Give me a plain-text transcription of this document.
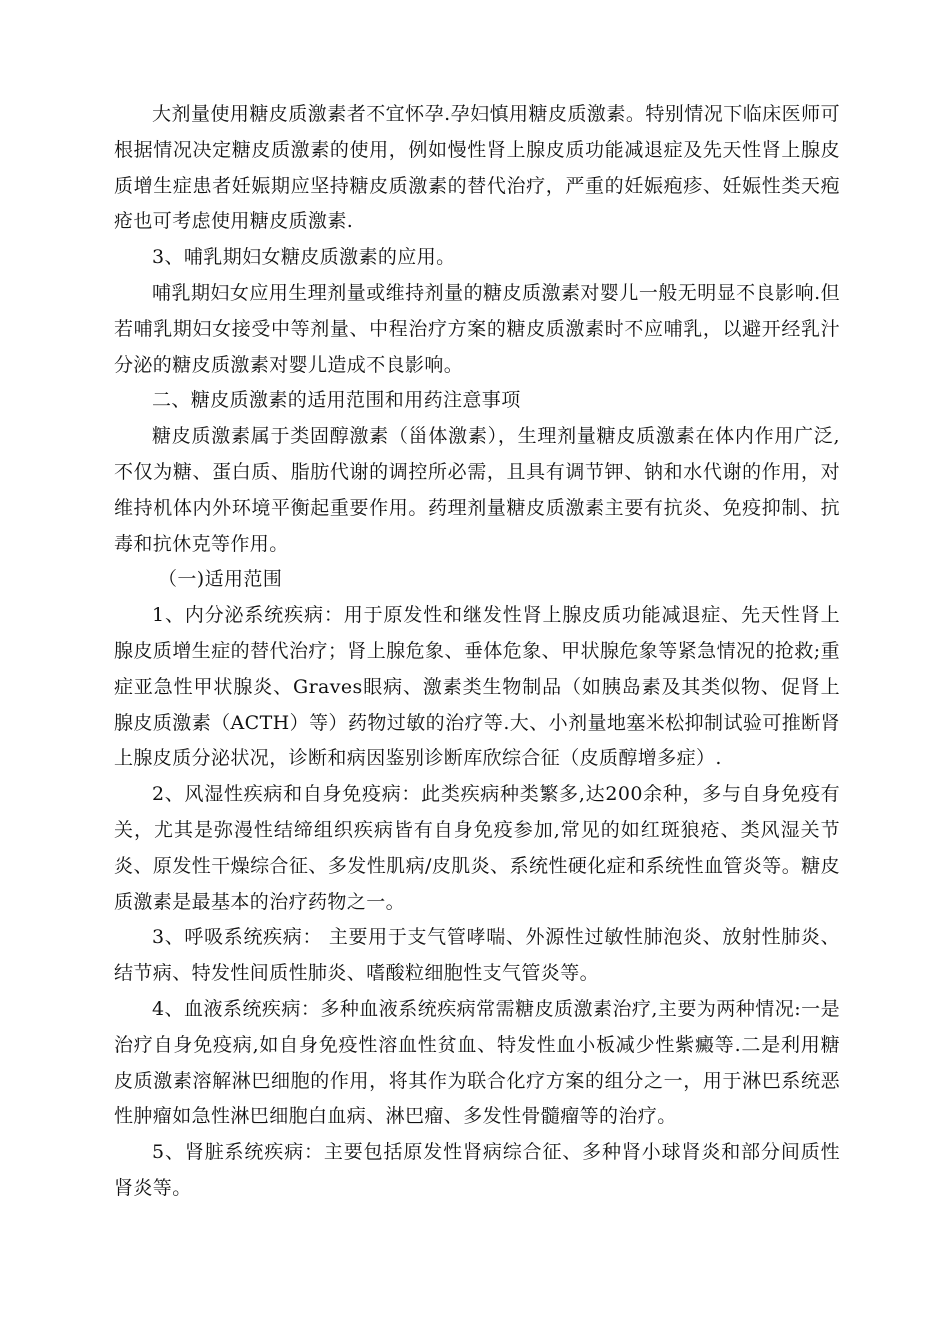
大剂量使用糖皮质激素者不宜怀孕.孕妇慎用糖皮质激素。特别情况下临床医师可根据情况决定糖皮质激素的使用，例如慢性肾上腺皮质功能减退症及先天性肾上腺皮质增生症患者妊娠期应坚持糖皮质激素的替代治疗，严重的妊娠疱疹、妊娠性类天疱疮也可考虑使用糖皮质激素.

3、哺乳期妇女糖皮质激素的应用。

哺乳期妇女应用生理剂量或维持剂量的糖皮质激素对婴儿一般无明显不良影响.但若哺乳期妇女接受中等剂量、中程治疗方案的糖皮质激素时不应哺乳，以避开经乳汁分泌的糖皮质激素对婴儿造成不良影响。

二、糖皮质激素的适用范围和用药注意事项

糖皮质激素属于类固醇激素（甾体激素），生理剂量糖皮质激素在体内作用广泛,不仅为糖、蛋白质、脂肪代谢的调控所必需，且具有调节钾、钠和水代谢的作用，对维持机体内外环境平衡起重要作用。药理剂量糖皮质激素主要有抗炎、免疫抑制、抗毒和抗休克等作用。

（一)适用范围

1、内分泌系统疾病：用于原发性和继发性肾上腺皮质功能减退症、先天性肾上腺皮质增生症的替代治疗；肾上腺危象、垂体危象、甲状腺危象等紧急情况的抢救;重症亚急性甲状腺炎、Graves眼病、激素类生物制品（如胰岛素及其类似物、促肾上腺皮质激素（ACTH）等）药物过敏的治疗等.大、小剂量地塞米松抑制试验可推断肾上腺皮质分泌状况，诊断和病因鉴别诊断库欣综合征（皮质醇增多症）.

2、风湿性疾病和自身免疫病：此类疾病种类繁多,达200余种，多与自身免疫有关，尤其是弥漫性结缔组织疾病皆有自身免疫参加,常见的如红斑狼疮、类风湿关节炎、原发性干燥综合征、多发性肌病/皮肌炎、系统性硬化症和系统性血管炎等。糖皮质激素是最基本的治疗药物之一。

3、呼吸系统疾病： 主要用于支气管哮喘、外源性过敏性肺泡炎、放射性肺炎、结节病、特发性间质性肺炎、嗜酸粒细胞性支气管炎等。

4、血液系统疾病：多种血液系统疾病常需糖皮质激素治疗,主要为两种情况:一是治疗自身免疫病,如自身免疫性溶血性贫血、特发性血小板减少性紫癜等.二是利用糖皮质激素溶解淋巴细胞的作用，将其作为联合化疗方案的组分之一，用于淋巴系统恶性肿瘤如急性淋巴细胞白血病、淋巴瘤、多发性骨髓瘤等的治疗。

5、肾脏系统疾病：主要包括原发性肾病综合征、多种肾小球肾炎和部分间质性肾炎等。
